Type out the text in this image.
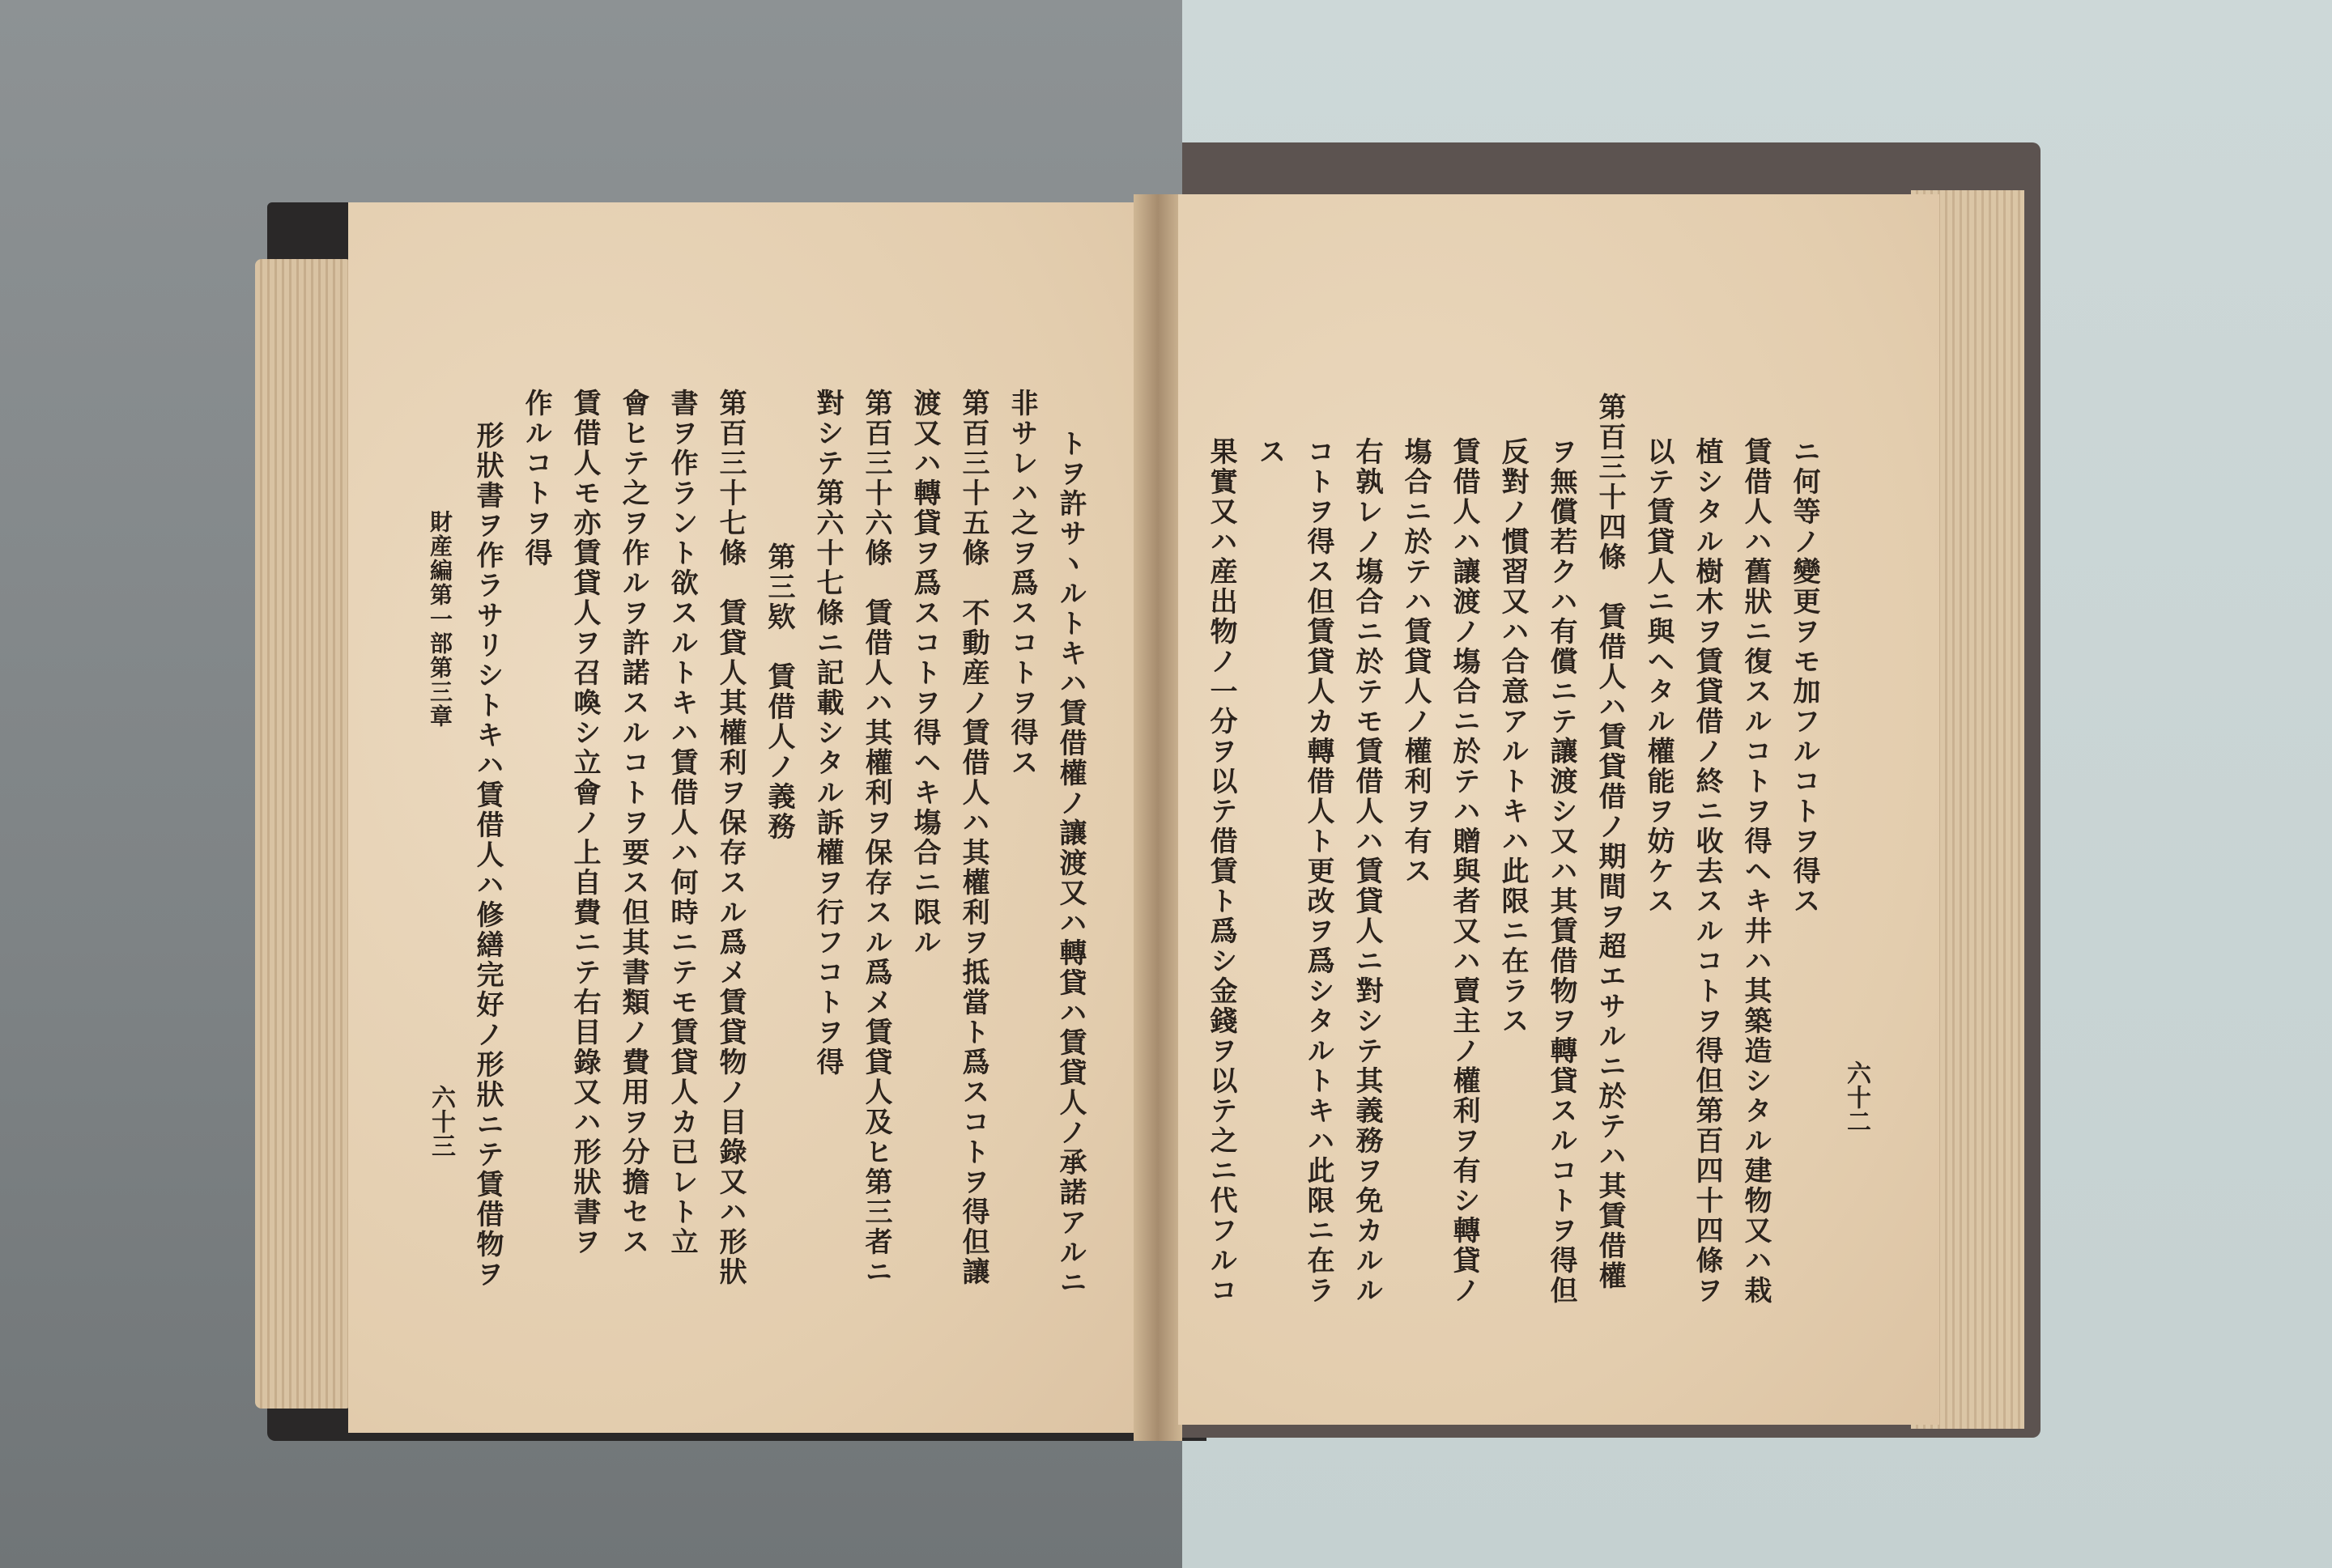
トヲ許サヽルトキハ賃借權ノ讓渡又ハ轉貸ハ賃貸人ノ承諾アルニ
非サレハ之ヲ爲スコトヲ得ス
第百三十五條　不動産ノ賃借人ハ其權利ヲ抵當ト爲スコトヲ得但讓
渡又ハ轉貸ヲ爲スコトヲ得ヘキ塲合ニ限ル
第百三十六條　賃借人ハ其權利ヲ保存スル爲メ賃貸人及ヒ第三者ニ
對シテ第六十七條ニ記載シタル訴權ヲ行フコトヲ得
第三欵　賃借人ノ義務
第百三十七條　賃貸人其權利ヲ保存スル爲メ賃貸物ノ目錄又ハ形狀
書ヲ作ラント欲スルトキハ賃借人ハ何時ニテモ賃貸人カ已レト立
會ヒテ之ヲ作ルヲ許諾スルコトヲ要ス但其書類ノ費用ヲ分擔セス
賃借人モ亦賃貸人ヲ召喚シ立會ノ上自費ニテ右目錄又ハ形狀書ヲ
作ルコトヲ得
形狀書ヲ作ラサリシトキハ賃借人ハ修繕完好ノ形狀ニテ賃借物ヲ
財産編第一部第三章
六十三	六十二
ニ何等ノ變更ヲモ加フルコトヲ得ス
賃借人ハ舊狀ニ復スルコトヲ得ヘキ井ハ其築造シタル建物又ハ栽
植シタル樹木ヲ賃貸借ノ終ニ收去スルコトヲ得但第百四十四條ヲ
以テ賃貸人ニ與ヘタル權能ヲ妨ケス
第百三十四條　賃借人ハ賃貸借ノ期間ヲ超エサルニ於テハ其賃借權
ヲ無償若クハ有償ニテ讓渡シ又ハ其賃借物ヲ轉貸スルコトヲ得但
反對ノ慣習又ハ合意アルトキハ此限ニ在ラス
賃借人ハ讓渡ノ塲合ニ於テハ贈與者又ハ賣主ノ權利ヲ有シ轉貸ノ
塲合ニ於テハ賃貸人ノ權利ヲ有ス
右孰レノ塲合ニ於テモ賃借人ハ賃貸人ニ對シテ其義務ヲ免カルル
コトヲ得ス但賃貸人カ轉借人ト更改ヲ爲シタルトキハ此限ニ在ラ
ス
果實又ハ産出物ノ一分ヲ以テ借賃ト爲シ金錢ヲ以テ之ニ代フルコ
